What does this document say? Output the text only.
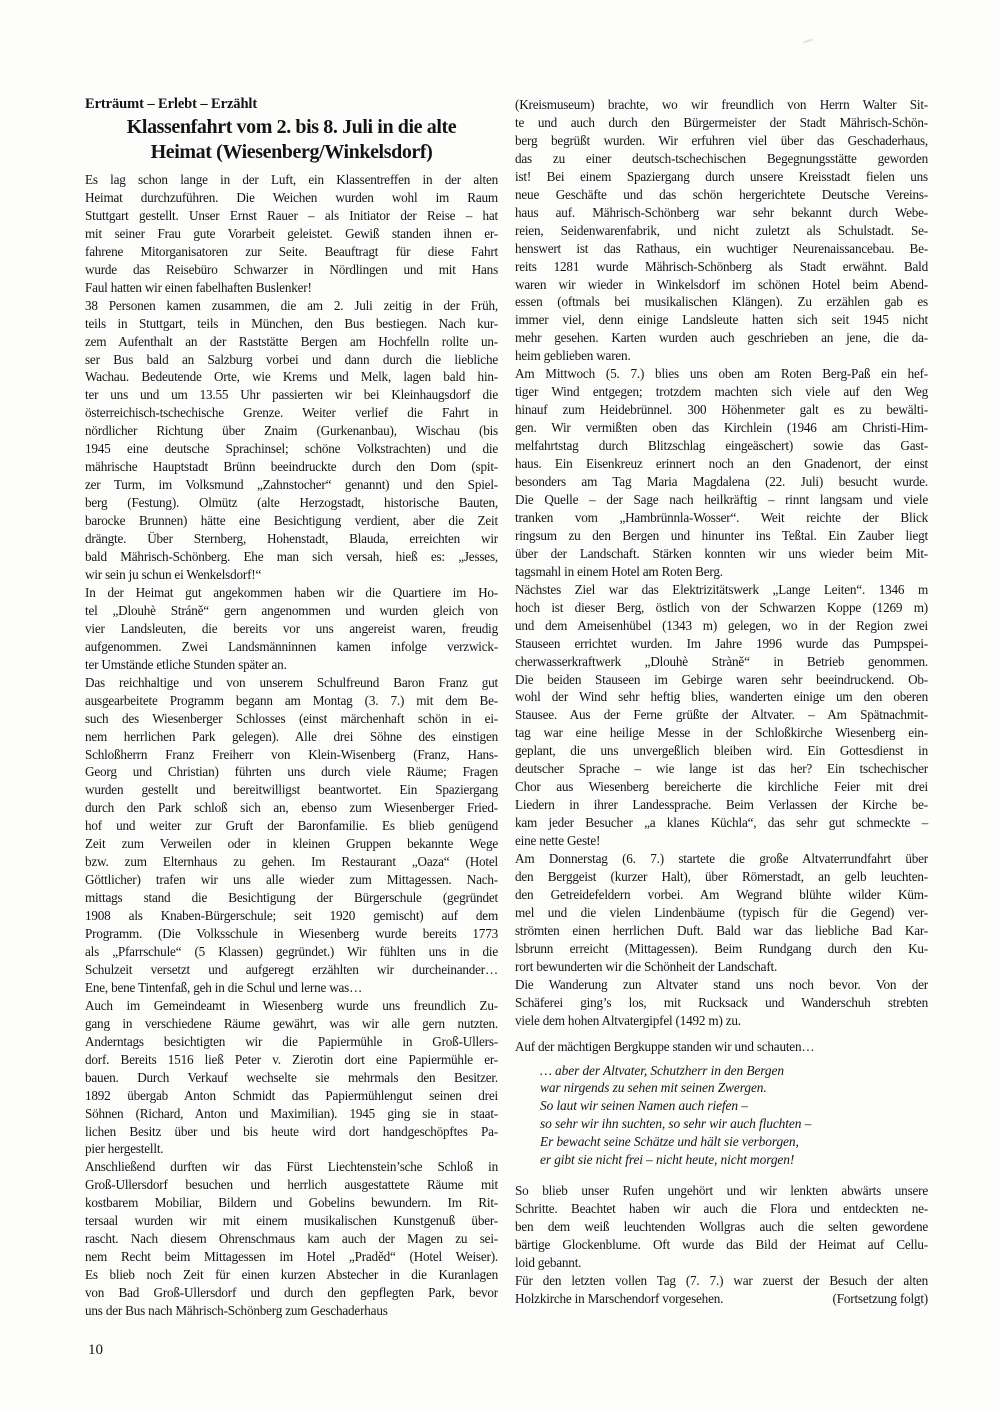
Erträumt – Erlebt – Erzählt
Klassenfahrt vom 2. bis 8. Juli in die alte
Heimat (Wiesenberg/Winkelsdorf)
Es lag schon lange in der Luft, ein Klassentreffen in der alten
Heimat durchzuführen. Die Weichen wurden wohl im Raum
Stuttgart gestellt. Unser Ernst Rauer – als Initiator der Reise – hat
mit seiner Frau gute Vorarbeit geleistet. Gewiß standen ihnen er-
fahrene Mitorganisatoren zur Seite. Beauftragt für diese Fahrt
wurde das Reisebüro Schwarzer in Nördlingen und mit Hans
Faul hatten wir einen fabelhaften Buslenker!
38 Personen kamen zusammen, die am 2. Juli zeitig in der Früh,
teils in Stuttgart, teils in München, den Bus bestiegen. Nach kur-
zem Aufenthalt an der Raststätte Bergen am Hochfelln rollte un-
ser Bus bald an Salzburg vorbei und dann durch die liebliche
Wachau. Bedeutende Orte, wie Krems und Melk, lagen bald hin-
ter uns und um 13.55 Uhr passierten wir bei Kleinhaugsdorf die
österreichisch-tschechische Grenze. Weiter verlief die Fahrt in
nördlicher Richtung über Znaim (Gurkenanbau), Wischau (bis
1945 eine deutsche Sprachinsel; schöne Volkstrachten) und die
mährische Hauptstadt Brünn beeindruckte durch den Dom (spit-
zer Turm, im Volksmund „Zahnstocher“ genannt) und den Spiel-
berg (Festung). Olmütz (alte Herzogstadt, historische Bauten,
barocke Brunnen) hätte eine Besichtigung verdient, aber die Zeit
drängte. Über Sternberg, Hohenstadt, Blauda, erreichten wir
bald Mährisch-Schönberg. Ehe man sich versah, hieß es: „Jesses,
wir sein ju schun ei Wenkelsdorf!“
In der Heimat gut angekommen haben wir die Quartiere im Ho-
tel „Dlouhè Stráně“ gern angenommen und wurden gleich von
vier Landsleuten, die bereits vor uns angereist waren, freudig
aufgenommen. Zwei Landsmänninnen kamen infolge verzwick-
ter Umstände etliche Stunden später an.
Das reichhaltige und von unserem Schulfreund Baron Franz gut
ausgearbeitete Programm begann am Montag (3. 7.) mit dem Be-
such des Wiesenberger Schlosses (einst märchenhaft schön in ei-
nem herrlichen Park gelegen). Alle drei Söhne des einstigen
Schloßherrn Franz Freiherr von Klein-Wisenberg (Franz, Hans-
Georg und Christian) führten uns durch viele Räume; Fragen
wurden gestellt und bereitwilligst beantwortet. Ein Spaziergang
durch den Park schloß sich an, ebenso zum Wiesenberger Fried-
hof und weiter zur Gruft der Baronfamilie. Es blieb genügend
Zeit zum Verweilen oder in kleinen Gruppen bekannte Wege
bzw. zum Elternhaus zu gehen. Im Restaurant „Oaza“ (Hotel
Göttlicher) trafen wir uns alle wieder zum Mittagessen. Nach-
mittags stand die Besichtigung der Bürgerschule (gegründet
1908 als Knaben-Bürgerschule; seit 1920 gemischt) auf dem
Programm. (Die Volksschule in Wiesenberg wurde bereits 1773
als „Pfarrschule“ (5 Klassen) gegründet.) Wir fühlten uns in die
Schulzeit versetzt und aufgeregt erzählten wir durcheinander…
Ene, bene Tintenfaß, geh in die Schul und lerne was…
Auch im Gemeindeamt in Wiesenberg wurde uns freundlich Zu-
gang in verschiedene Räume gewährt, was wir alle gern nutzten.
Anderntags besichtigten wir die Papiermühle in Groß-Ullers-
dorf. Bereits 1516 ließ Peter v. Zierotin dort eine Papiermühle er-
bauen. Durch Verkauf wechselte sie mehrmals den Besitzer.
1892 übergab Anton Schmidt das Papiermühlengut seinen drei
Söhnen (Richard, Anton und Maximilian). 1945 ging sie in staat-
lichen Besitz über und bis heute wird dort handgeschöpftes Pa-
pier hergestellt.
Anschließend durften wir das Fürst Liechtenstein’sche Schloß in
Groß-Ullersdorf besuchen und herrlich ausgestattete Räume mit
kostbarem Mobiliar, Bildern und Gobelins bewundern. Im Rit-
tersaal wurden wir mit einem musikalischen Kunstgenuß über-
rascht. Nach diesem Ohrenschmaus kam auch der Magen zu sei-
nem Recht beim Mittagessen im Hotel „Praděd“ (Hotel Weiser).
Es blieb noch Zeit für einen kurzen Abstecher in die Kuranlagen
von Bad Groß-Ullersdorf und durch den gepflegten Park, bevor
uns der Bus nach Mährisch-Schönberg zum Geschaderhaus
(Kreismuseum) brachte, wo wir freundlich von Herrn Walter Sit-
te und auch durch den Bürgermeister der Stadt Mährisch-Schön-
berg begrüßt wurden. Wir erfuhren viel über das Geschaderhaus,
das zu einer deutsch-tschechischen Begegnungsstätte geworden
ist! Bei einem Spaziergang durch unsere Kreisstadt fielen uns
neue Geschäfte und das schön hergerichtete Deutsche Vereins-
haus auf. Mährisch-Schönberg war sehr bekannt durch Webe-
reien, Seidenwarenfabrik, und nicht zuletzt als Schulstadt. Se-
henswert ist das Rathaus, ein wuchtiger Neurenaissancebau. Be-
reits 1281 wurde Mährisch-Schönberg als Stadt erwähnt. Bald
waren wir wieder in Winkelsdorf im schönen Hotel beim Abend-
essen (oftmals bei musikalischen Klängen). Zu erzählen gab es
immer viel, denn einige Landsleute hatten sich seit 1945 nicht
mehr gesehen. Karten wurden auch geschrieben an jene, die da-
heim geblieben waren.
Am Mittwoch (5. 7.) blies uns oben am Roten Berg-Paß ein hef-
tiger Wind entgegen; trotzdem machten sich viele auf den Weg
hinauf zum Heidebrünnel. 300 Höhenmeter galt es zu bewälti-
gen. Wir vermißten oben das Kirchlein (1946 am Christi-Him-
melfahrtstag durch Blitzschlag eingeäschert) sowie das Gast-
haus. Ein Eisenkreuz erinnert noch an den Gnadenort, der einst
besonders am Tag Maria Magdalena (22. Juli) besucht wurde.
Die Quelle – der Sage nach heilkräftig – rinnt langsam und viele
tranken vom „Hambrünnla-Wosser“. Weit reichte der Blick
ringsum zu den Bergen und hinunter ins Teßtal. Ein Zauber liegt
über der Landschaft. Stärken konnten wir uns wieder beim Mit-
tagsmahl in einem Hotel am Roten Berg.
Nächstes Ziel war das Elektrizitätswerk „Lange Leiten“. 1346 m
hoch ist dieser Berg, östlich von der Schwarzen Koppe (1269 m)
und dem Ameisenhübel (1343 m) gelegen, wo in der Region zwei
Stauseen errichtet wurden. Im Jahre 1996 wurde das Pumpspei-
cherwasserkraftwerk „Dlouhè Stràně“ in Betrieb genommen.
Die beiden Stauseen im Gebirge waren sehr beeindruckend. Ob-
wohl der Wind sehr heftig blies, wanderten einige um den oberen
Stausee. Aus der Ferne grüßte der Altvater. – Am Spätnachmit-
tag war eine heilige Messe in der Schloßkirche Wiesenberg ein-
geplant, die uns unvergeßlich bleiben wird. Ein Gottesdienst in
deutscher Sprache – wie lange ist das her? Ein tschechischer
Chor aus Wiesenberg bereicherte die kirchliche Feier mit drei
Liedern in ihrer Landessprache. Beim Verlassen der Kirche be-
kam jeder Besucher „a klanes Küchla“, das sehr gut schmeckte –
eine nette Geste!
Am Donnerstag (6. 7.) startete die große Altvaterrundfahrt über
den Berggeist (kurzer Halt), über Römerstadt, an gelb leuchten-
den Getreidefeldern vorbei. Am Wegrand blühte wilder Küm-
mel und die vielen Lindenbäume (typisch für die Gegend) ver-
strömten einen herrlichen Duft. Bald war das liebliche Bad Kar-
lsbrunn erreicht (Mittagessen). Beim Rundgang durch den Ku-
rort bewunderten wir die Schönheit der Landschaft.
Die Wanderung zun Altvater stand uns noch bevor. Von der
Schäferei ging’s los, mit Rucksack und Wanderschuh strebten
viele dem hohen Altvatergipfel (1492 m) zu.
Auf der mächtigen Bergkuppe standen wir und schauten…
… aber der Altvater, Schutzherr in den Bergen
war nirgends zu sehen mit seinen Zwergen.
So laut wir seinen Namen auch riefen –
so sehr wir ihn suchten, so sehr wir auch fluchten –
Er bewacht seine Schätze und hält sie verborgen,
er gibt sie nicht frei – nicht heute, nicht morgen!
So blieb unser Rufen ungehört und wir lenkten abwärts unsere
Schritte. Beachtet haben wir auch die Flora und entdeckten ne-
ben dem weiß leuchtenden Wollgras auch die selten gewordene
bärtige Glockenblume. Oft wurde das Bild der Heimat auf Cellu-
loid gebannt.
Für den letzten vollen Tag (7. 7.) war zuerst der Besuch der alten
Holzkirche in Marschendorf vorgesehen.	(Fortsetzung folgt)
10
